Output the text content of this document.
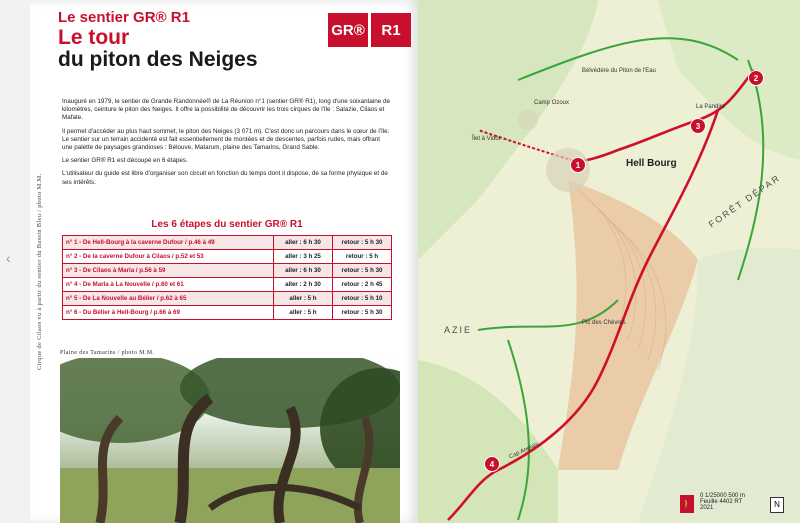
‹	Cirque de Cilaos vu à partir du sentier du Bassin Bleu / photo M.M.
Le sentier GR® R1
Le tour
du piton des Neiges
GR®	R1

Inauguré en 1979, le sentier de Grande Randonnée® de La Réunion n°1 (sentier GR® R1), long d'une soixantaine de kilomètres, ceinture le piton des Neiges. Il offre la possibilité de découvrir les trois cirques de l'île : Salazie, Cilaos et Mafate.

Il permet d'accéder au plus haut sommet, le piton des Neiges (3 071 m). C'est donc un parcours dans le cœur de l'île. Le sentier sur un terrain accidenté est fait essentiellement de montées et de descentes, parfois rudes, mais offrant une palette de paysages grandioses : Bélouve, Matarum, plaine des Tamarins, Grand Sable.

Le sentier GR® R1 est découpé en 6 étapes.

L'utilisateur du guide est libre d'organiser son circuit en fonction du temps dont il dispose, de sa forme physique et de ses intérêts.

Les 6 étapes du sentier GR® R1
n° 1 - De Hell-Bourg à la caverne Dufour / p.46 à 49	aller : 6 h 30	retour : 5 h 30
n° 2 - De la caverne Dufour à Cilaos / p.52 et 53	aller : 3 h 25	retour : 5 h
n° 3 - De Cilaos à Marla / p.56 à 59	aller : 6 h 30	retour : 5 h 30
n° 4 - De Marla à La Nouvelle / p.60 et 61	aller : 2 h 30	retour : 2 h 45
n° 5 - De La Nouvelle au Bélier / p.62 à 65	aller : 5 h	retour : 5 h 10
n° 6 - Du Bélier à Hell-Bourg / p.66 à 69	aller : 5 h	retour : 5 h 30
Plaine des Tamarins / photo M.M.
1
2
3
4
Hell Bourg
Camp Ozoux
Îlet à Vidot
La Pandire
Pic des Chèvres
Cap Anglais
Bélvédère du Piton de l'Eau
FORÊT DÉPAR
AZIE
🚶
0 1/25000 500 m
Feuille 4402 RT
2021	N
